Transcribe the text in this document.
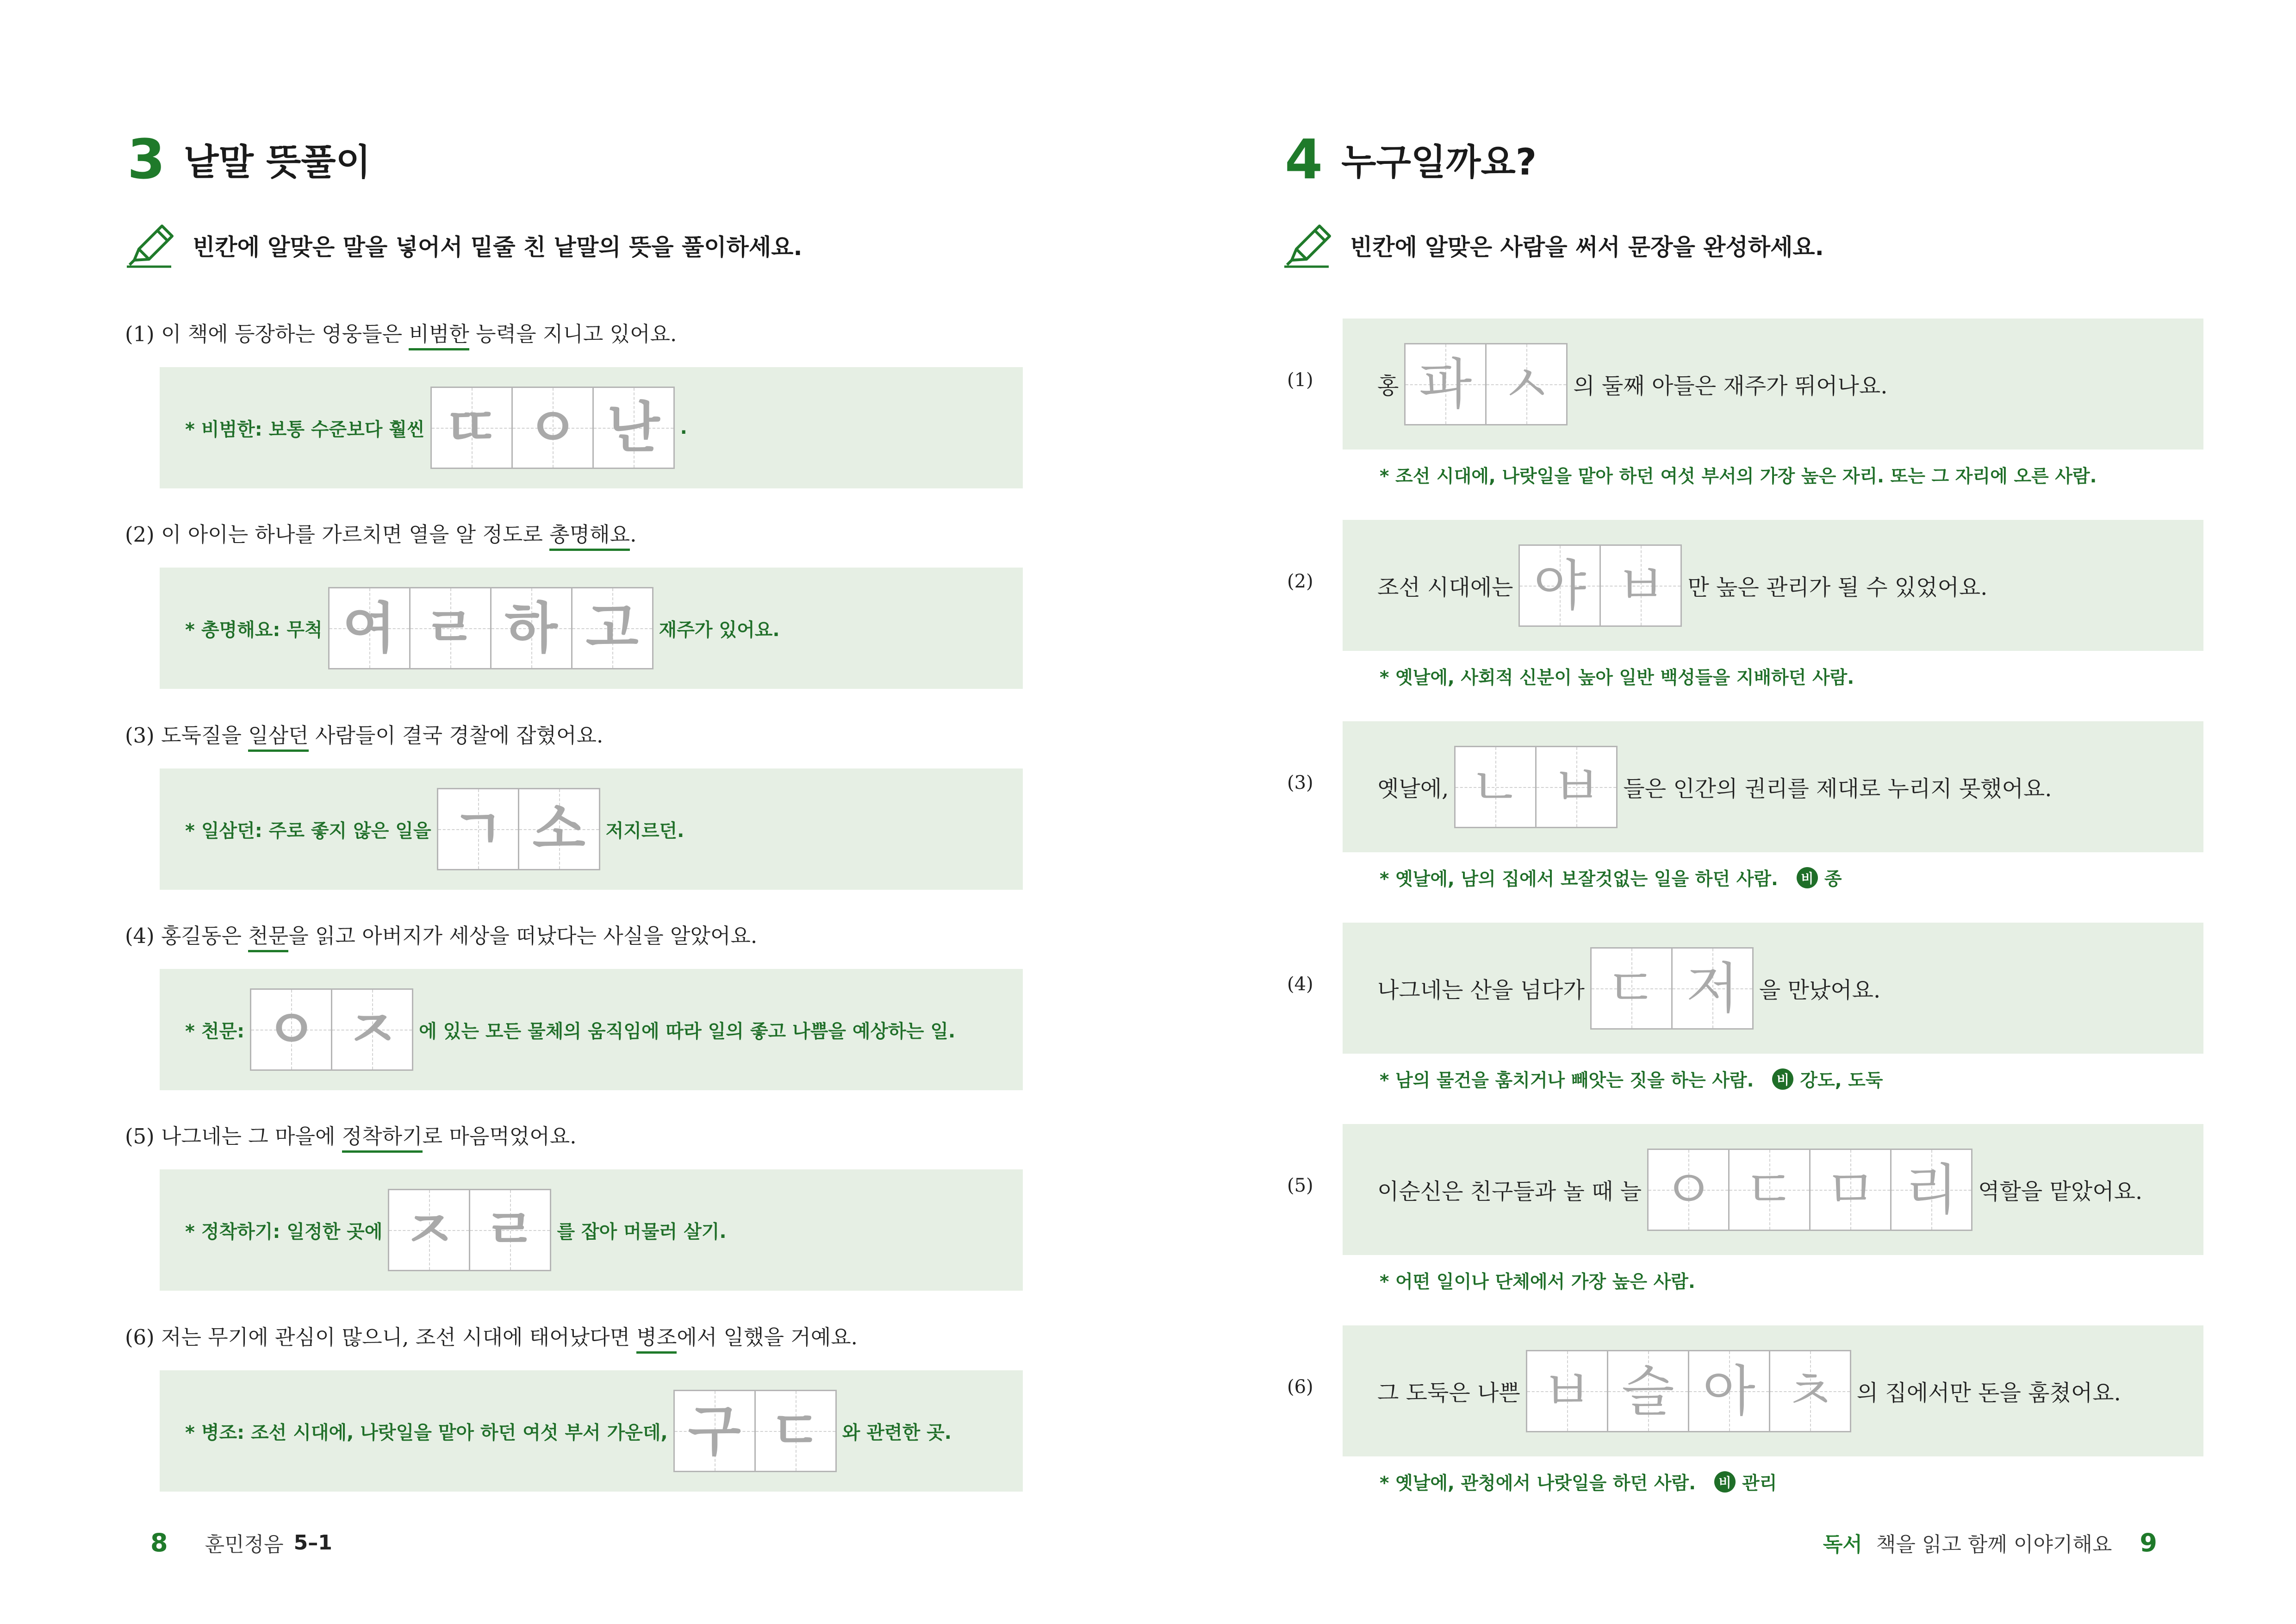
3 낱말 뜻풀이
빈칸에 알맞은 말을 넣어서 밑줄 친 낱말의 뜻을 풀이하세요.
(1) 이 책에 등장하는 영웅들은 비범한 능력을 지니고 있어요.
* 비범한: 보통 수준보다 훨씬 ㄸ ㅇ 난 .
(2) 이 아이는 하나를 가르치면 열을 알 정도로 총명해요.
* 총명해요: 무척 여 ㄹ 하 고 재주가 있어요.
(3) 도둑질을 일삼던 사람들이 결국 경찰에 잡혔어요.
* 일삼던: 주로 좋지 않은 일을 ㄱ 소 저지르던.
(4) 홍길동은 천문을 읽고 아버지가 세상을 떠났다는 사실을 알았어요.
* 천문: ㅇ ㅈ 에 있는 모든 물체의 움직임에 따라 일의 좋고 나쁨을 예상하는 일.
(5) 나그네는 그 마을에 정착하기로 마음먹었어요.
* 정착하기: 일정한 곳에 ㅈ ㄹ 를 잡아 머물러 살기.
(6) 저는 무기에 관심이 많으니, 조선 시대에 태어났다면 병조에서 일했을 거예요.
* 병조: 조선 시대에, 나랏일을 맡아 하던 여섯 부서 가운데, 구 ㄷ 와 관련한 곳.
8 훈민정음 5–1
4 누구일까요?
빈칸에 알맞은 사람을 써서 문장을 완성하세요.
(1)	홍 파 ㅅ 의 둘째 아들은 재주가 뛰어나요.
* 조선 시대에, 나랏일을 맡아 하던 여섯 부서의 가장 높은 자리. 또는 그 자리에 오른 사람.
(2)	조선 시대에는 야 ㅂ 만 높은 관리가 될 수 있었어요.
* 옛날에, 사회적 신분이 높아 일반 백성들을 지배하던 사람.
(3)	옛날에, ㄴ ㅂ 들은 인간의 권리를 제대로 누리지 못했어요.
* 옛날에, 남의 집에서 보잘것없는 일을 하던 사람.	비 종
(4)	나그네는 산을 넘다가 ㄷ 저 을 만났어요.
* 남의 물건을 훔치거나 빼앗는 짓을 하는 사람.	비 강도, 도둑
(5)	이순신은 친구들과 놀 때 늘 ㅇ ㄷ ㅁ 리 역할을 맡았어요.
* 어떤 일이나 단체에서 가장 높은 사람.
(6)	그 도둑은 나쁜 ㅂ 슬 아 ㅊ 의 집에서만 돈을 훔쳤어요.
* 옛날에, 관청에서 나랏일을 하던 사람.	비 관리
독서 책을 읽고 함께 이야기해요 9
